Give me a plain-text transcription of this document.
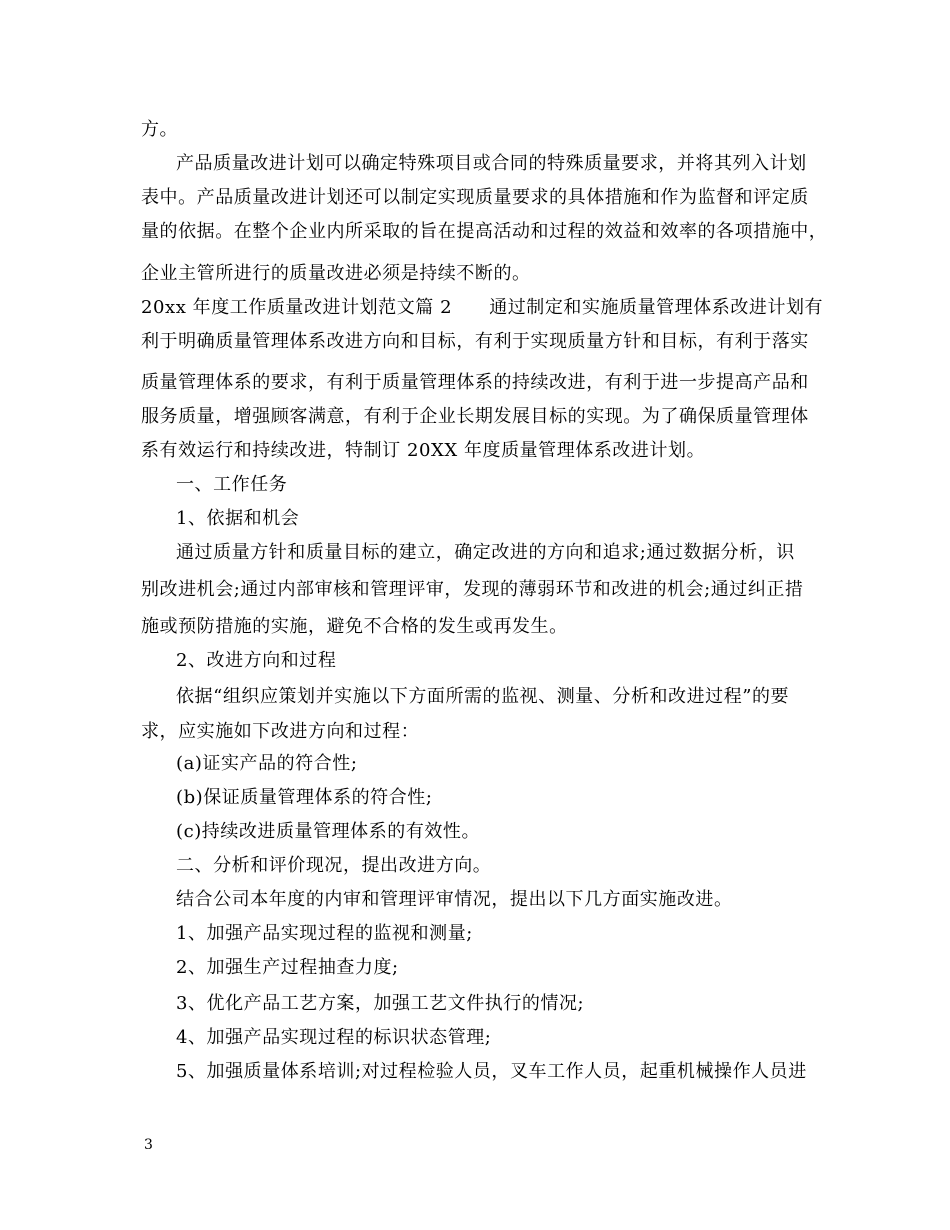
方。
产品质量改进计划可以确定特殊项目或合同的特殊质量要求，并将其列入计划
表中。产品质量改进计划还可以制定实现质量要求的具体措施和作为监督和评定质
量的依据。在整个企业内所采取的旨在提高活动和过程的效益和效率的各项措施中，
企业主管所进行的质量改进必须是持续不断的。
20xx 年度工作质量改进计划范文篇 2　　通过制定和实施质量管理体系改进计划有
利于明确质量管理体系改进方向和目标，有利于实现质量方针和目标，有利于落实
质量管理体系的要求，有利于质量管理体系的持续改进，有利于进一步提高产品和
服务质量，增强顾客满意，有利于企业长期发展目标的实现。为了确保质量管理体
系有效运行和持续改进，特制订 20XX 年度质量管理体系改进计划。
一、工作任务
1、依据和机会
通过质量方针和质量目标的建立，确定改进的方向和追求;通过数据分析，识
别改进机会;通过内部审核和管理评审，发现的薄弱环节和改进的机会;通过纠正措
施或预防措施的实施，避免不合格的发生或再发生。
2、改进方向和过程
依据“组织应策划并实施以下方面所需的监视、测量、分析和改进过程”的要
求，应实施如下改进方向和过程：
(a)证实产品的符合性;
(b)保证质量管理体系的符合性;
(c)持续改进质量管理体系的有效性。
二、分析和评价现况，提出改进方向。
结合公司本年度的内审和管理评审情况，提出以下几方面实施改进。
1、加强产品实现过程的监视和测量;
2、加强生产过程抽查力度;
3、优化产品工艺方案，加强工艺文件执行的情况;
4、加强产品实现过程的标识状态管理;
5、加强质量体系培训;对过程检验人员，叉车工作人员，起重机械操作人员进
3
